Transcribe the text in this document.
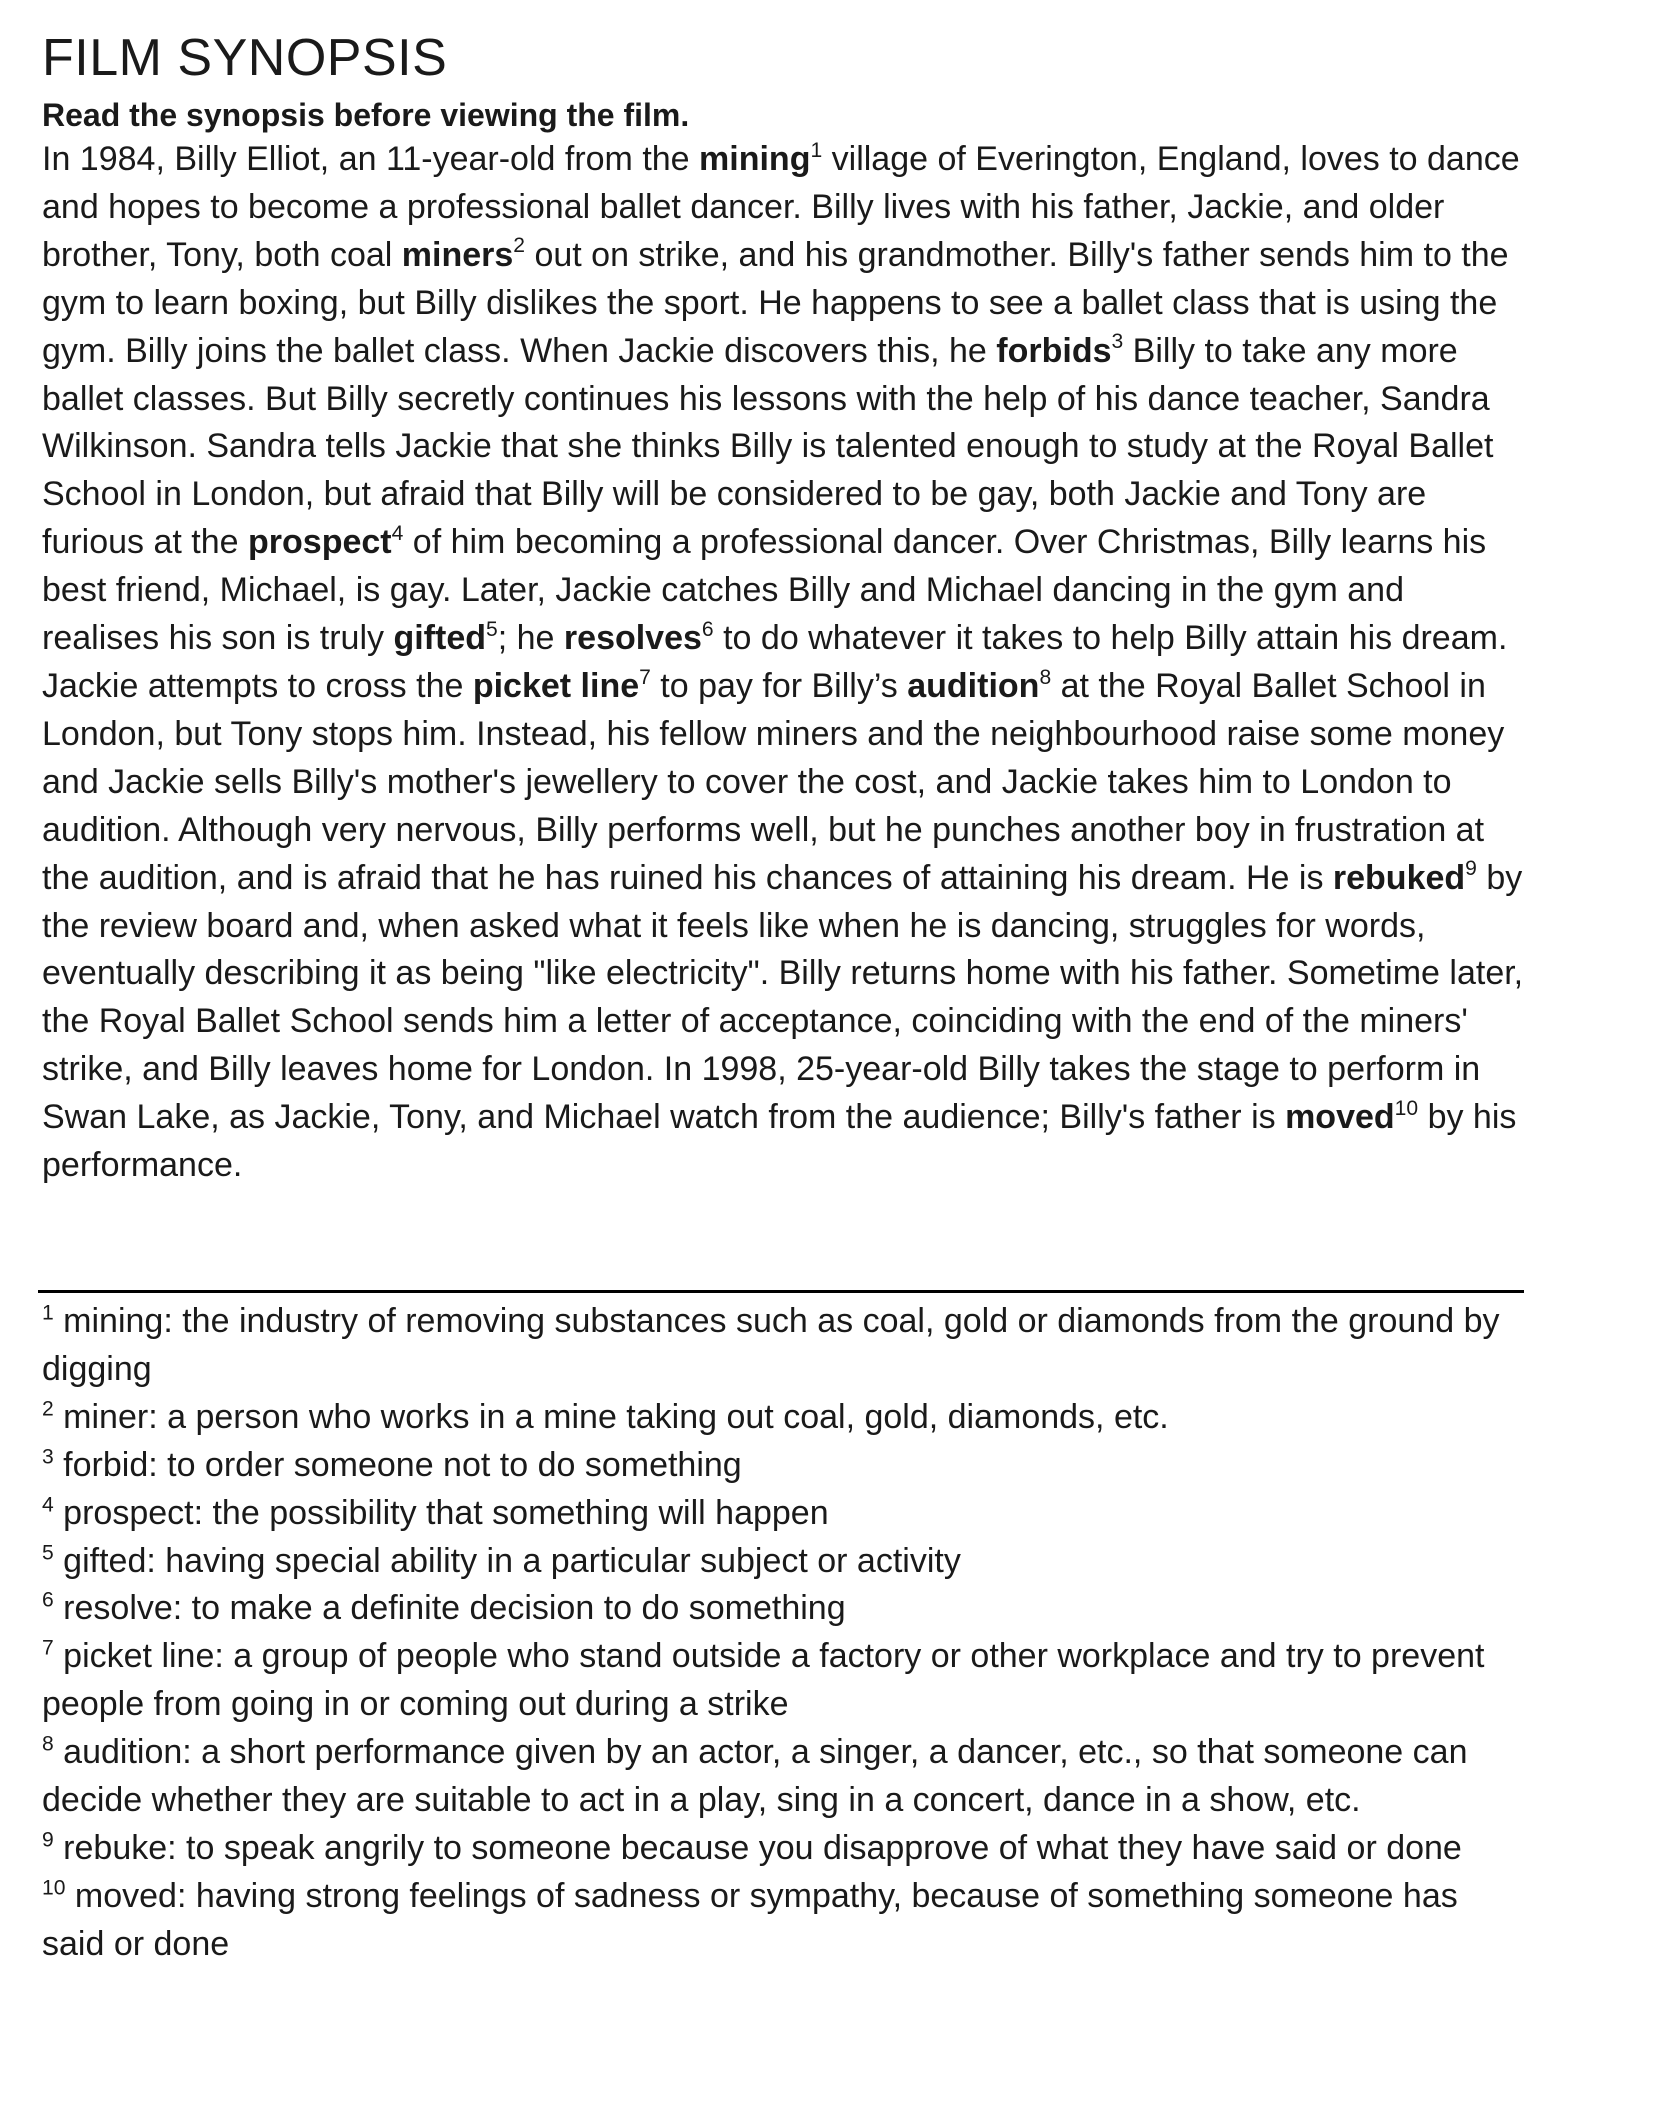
FILM SYNOPSIS

Read the synopsis before viewing the film.

In 1984, Billy Elliot, an 11-year-old from the mining$^1$ village of Everington, England, loves to dance and hopes to become a professional ballet dancer. Billy lives with his father, Jackie, and older brother, Tony, both coal miners$^2$ out on strike, and his grandmother. Billy's father sends him to the gym to learn boxing, but Billy dislikes the sport. He happens to see a ballet class that is using the gym. Billy joins the ballet class. When Jackie discovers this, he forbids$^3$ Billy to take any more ballet classes. But Billy secretly continues his lessons with the help of his dance teacher, Sandra Wilkinson. Sandra tells Jackie that she thinks Billy is talented enough to study at the Royal Ballet School in London, but afraid that Billy will be considered to be gay, both Jackie and Tony are furious at the prospect$^4$ of him becoming a professional dancer. Over Christmas, Billy learns his best friend, Michael, is gay. Later, Jackie catches Billy and Michael dancing in the gym and realises his son is truly gifted$^5$; he resolves$^6$ to do whatever it takes to help Billy attain his dream. Jackie attempts to cross the picket line$^7$ to pay for Billy’s audition$^8$ at the Royal Ballet School in London, but Tony stops him. Instead, his fellow miners and the neighbourhood raise some money and Jackie sells Billy's mother's jewellery to cover the cost, and Jackie takes him to London to audition. Although very nervous, Billy performs well, but he punches another boy in frustration at the audition, and is afraid that he has ruined his chances of attaining his dream. He is rebuked$^9$ by the review board and, when asked what it feels like when he is dancing, struggles for words, eventually describing it as being "like electricity". Billy returns home with his father. Sometime later, the Royal Ballet School sends him a letter of acceptance, coinciding with the end of the miners' strike, and Billy leaves home for London. In 1998, 25-year-old Billy takes the stage to perform in Swan Lake, as Jackie, Tony, and Michael watch from the audience; Billy's father is moved$^{10}$ by his performance.

$^1$ mining: the industry of removing substances such as coal, gold or diamonds from the ground by digging
$^2$ miner: a person who works in a mine taking out coal, gold, diamonds, etc.
$^3$ forbid: to order someone not to do something
$^4$ prospect: the possibility that something will happen
$^5$ gifted: having special ability in a particular subject or activity
$^6$ resolve: to make a definite decision to do something
$^7$ picket line: a group of people who stand outside a factory or other workplace and try to prevent people from going in or coming out during a strike
$^8$ audition: a short performance given by an actor, a singer, a dancer, etc., so that someone can decide whether they are suitable to act in a play, sing in a concert, dance in a show, etc.
$^9$ rebuke: to speak angrily to someone because you disapprove of what they have said or done
$^{10}$ moved: having strong feelings of sadness or sympathy, because of something someone has said or done
